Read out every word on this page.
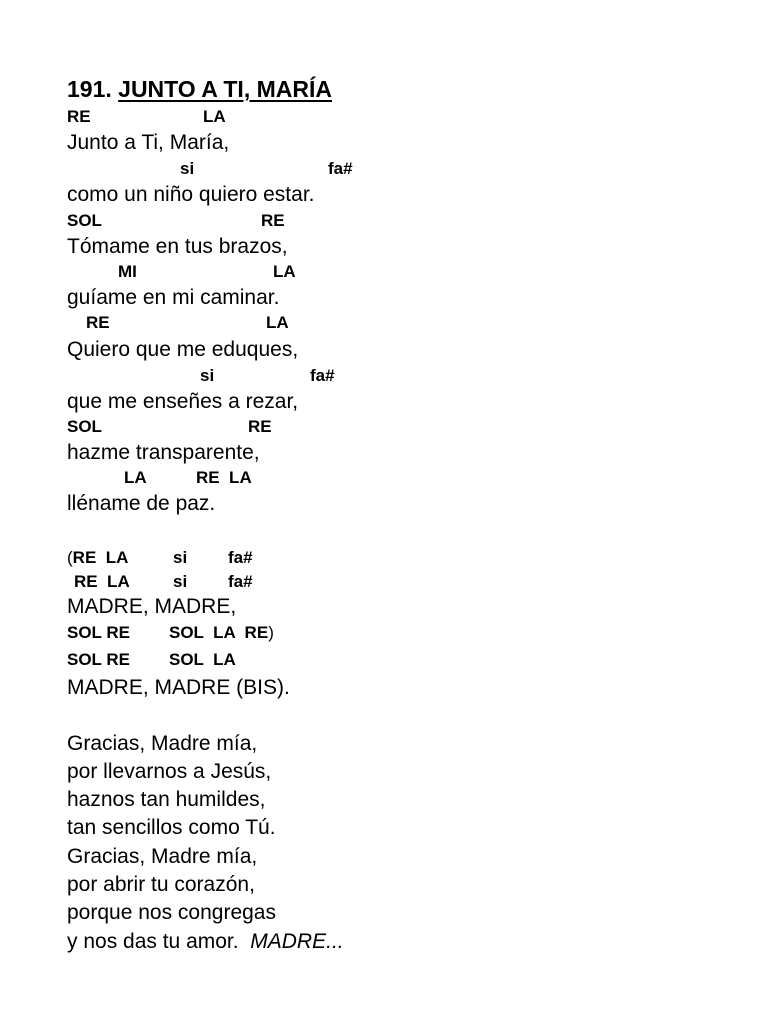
191. JUNTO A TI, MARÍA
RE	LA
Junto a Ti, María,
si	fa#
como un niño quiero estar.
SOL	RE
Tómame en tus brazos,
MI	LA
guíame en mi caminar.
RE	LA
Quiero que me eduques,
si	fa#
que me enseñes a rezar,
SOL	RE
hazme transparente,
LA	RE  LA
lléname de paz.
(RE  LA	si fa#
RE  LA	si fa#
MADRE, MADRE,
SOL RE SOL  LA  RE)
SOL RE SOL  LA
MADRE, MADRE (BIS).
Gracias, Madre mía,
por llevarnos a Jesús,
haznos tan humildes,
tan sencillos como Tú.
Gracias, Madre mía,
por abrir tu corazón,
porque nos congregas
y nos das tu amor.  MADRE...
